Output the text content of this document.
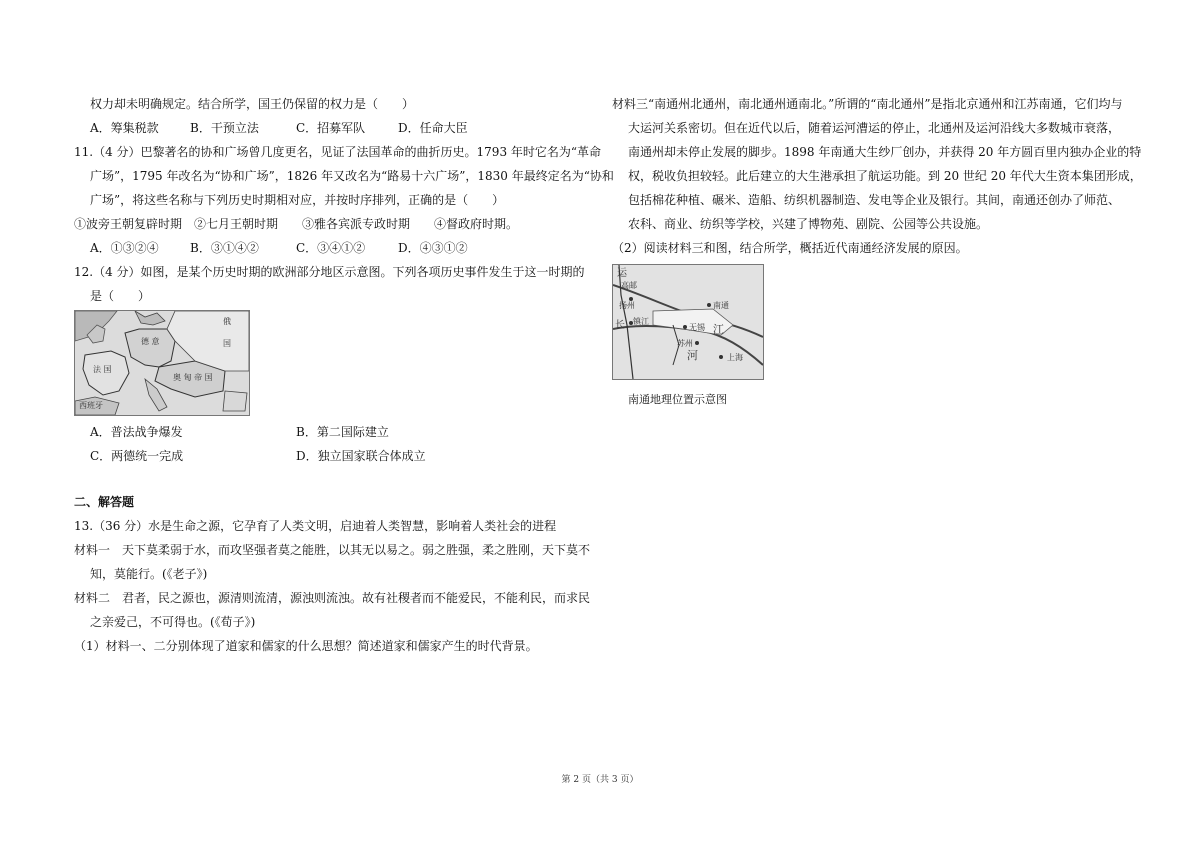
权力却未明确规定。结合所学，国王仍保留的权力是（　　）
A．筹集税款	B．干预立法	C．招募军队	D．任命大臣
11.（4 分）巴黎著名的协和广场曾几度更名，见证了法国革命的曲折历史。1793 年时它名为“革命
广场”，1795 年改名为“协和广场”，1826 年又改名为“路易十六广场”，1830 年最终定名为“协和
广场”，将这些名称与下列历史时期相对应，并按时序排列，正确的是（　　）
①波旁王朝复辟时期　②七月王朝时期　　③雅各宾派专政时期　　④督政府时期。
A．①③②④	B．③①④②	C．③④①②	D．④③①②
12.（4 分）如图，是某个历史时期的欧洲部分地区示意图。下列各项历史事件发生于这一时期的
是（　　）
德 意
法 国
奥 匈 帝 国
西班牙
俄
国
A．普法战争爆发	B．第二国际建立
C．两德统一完成	D．独立国家联合体成立
二、解答题
13.（36 分）水是生命之源，它孕育了人类文明，启迪着人类智慧，影响着人类社会的进程
材料一　天下莫柔弱于水，而攻坚强者莫之能胜，以其无以易之。弱之胜强，柔之胜刚，天下莫不
知，莫能行。(《老子》)
材料二　君者，民之源也，源清则流清，源浊则流浊。故有社稷者而不能爱民，不能利民，而求民
之亲爱己，不可得也。(《荀子》)
（1）材料一、二分别体现了道家和儒家的什么思想？简述道家和儒家产生的时代背景。
材料三“南通州北通州，南北通州通南北。”所谓的“南北通州”是指北京通州和江苏南通，它们均与
大运河关系密切。但在近代以后，随着运河漕运的停止，北通州及运河沿线大多数城市衰落，
南通州却未停止发展的脚步。1898 年南通大生纱厂创办，并获得 20 年方圆百里内独办企业的特
权，税收负担较轻。此后建立的大生港承担了航运功能。到 20 世纪 20 年代大生资本集团形成，
包括棉花种植、碾米、造船、纺织机器制造、发电等企业及银行。其间，南通还创办了师范、
农科、商业、纺织等学校，兴建了博物苑、剧院、公园等公共设施。
（2）阅读材料三和图，结合所学，概括近代南通经济发展的原因。
运
高邮
扬州
镇江
长
南通
无锡 江
苏州
河	上海
南通地理位置示意图
第 2 页（共 3 页）
